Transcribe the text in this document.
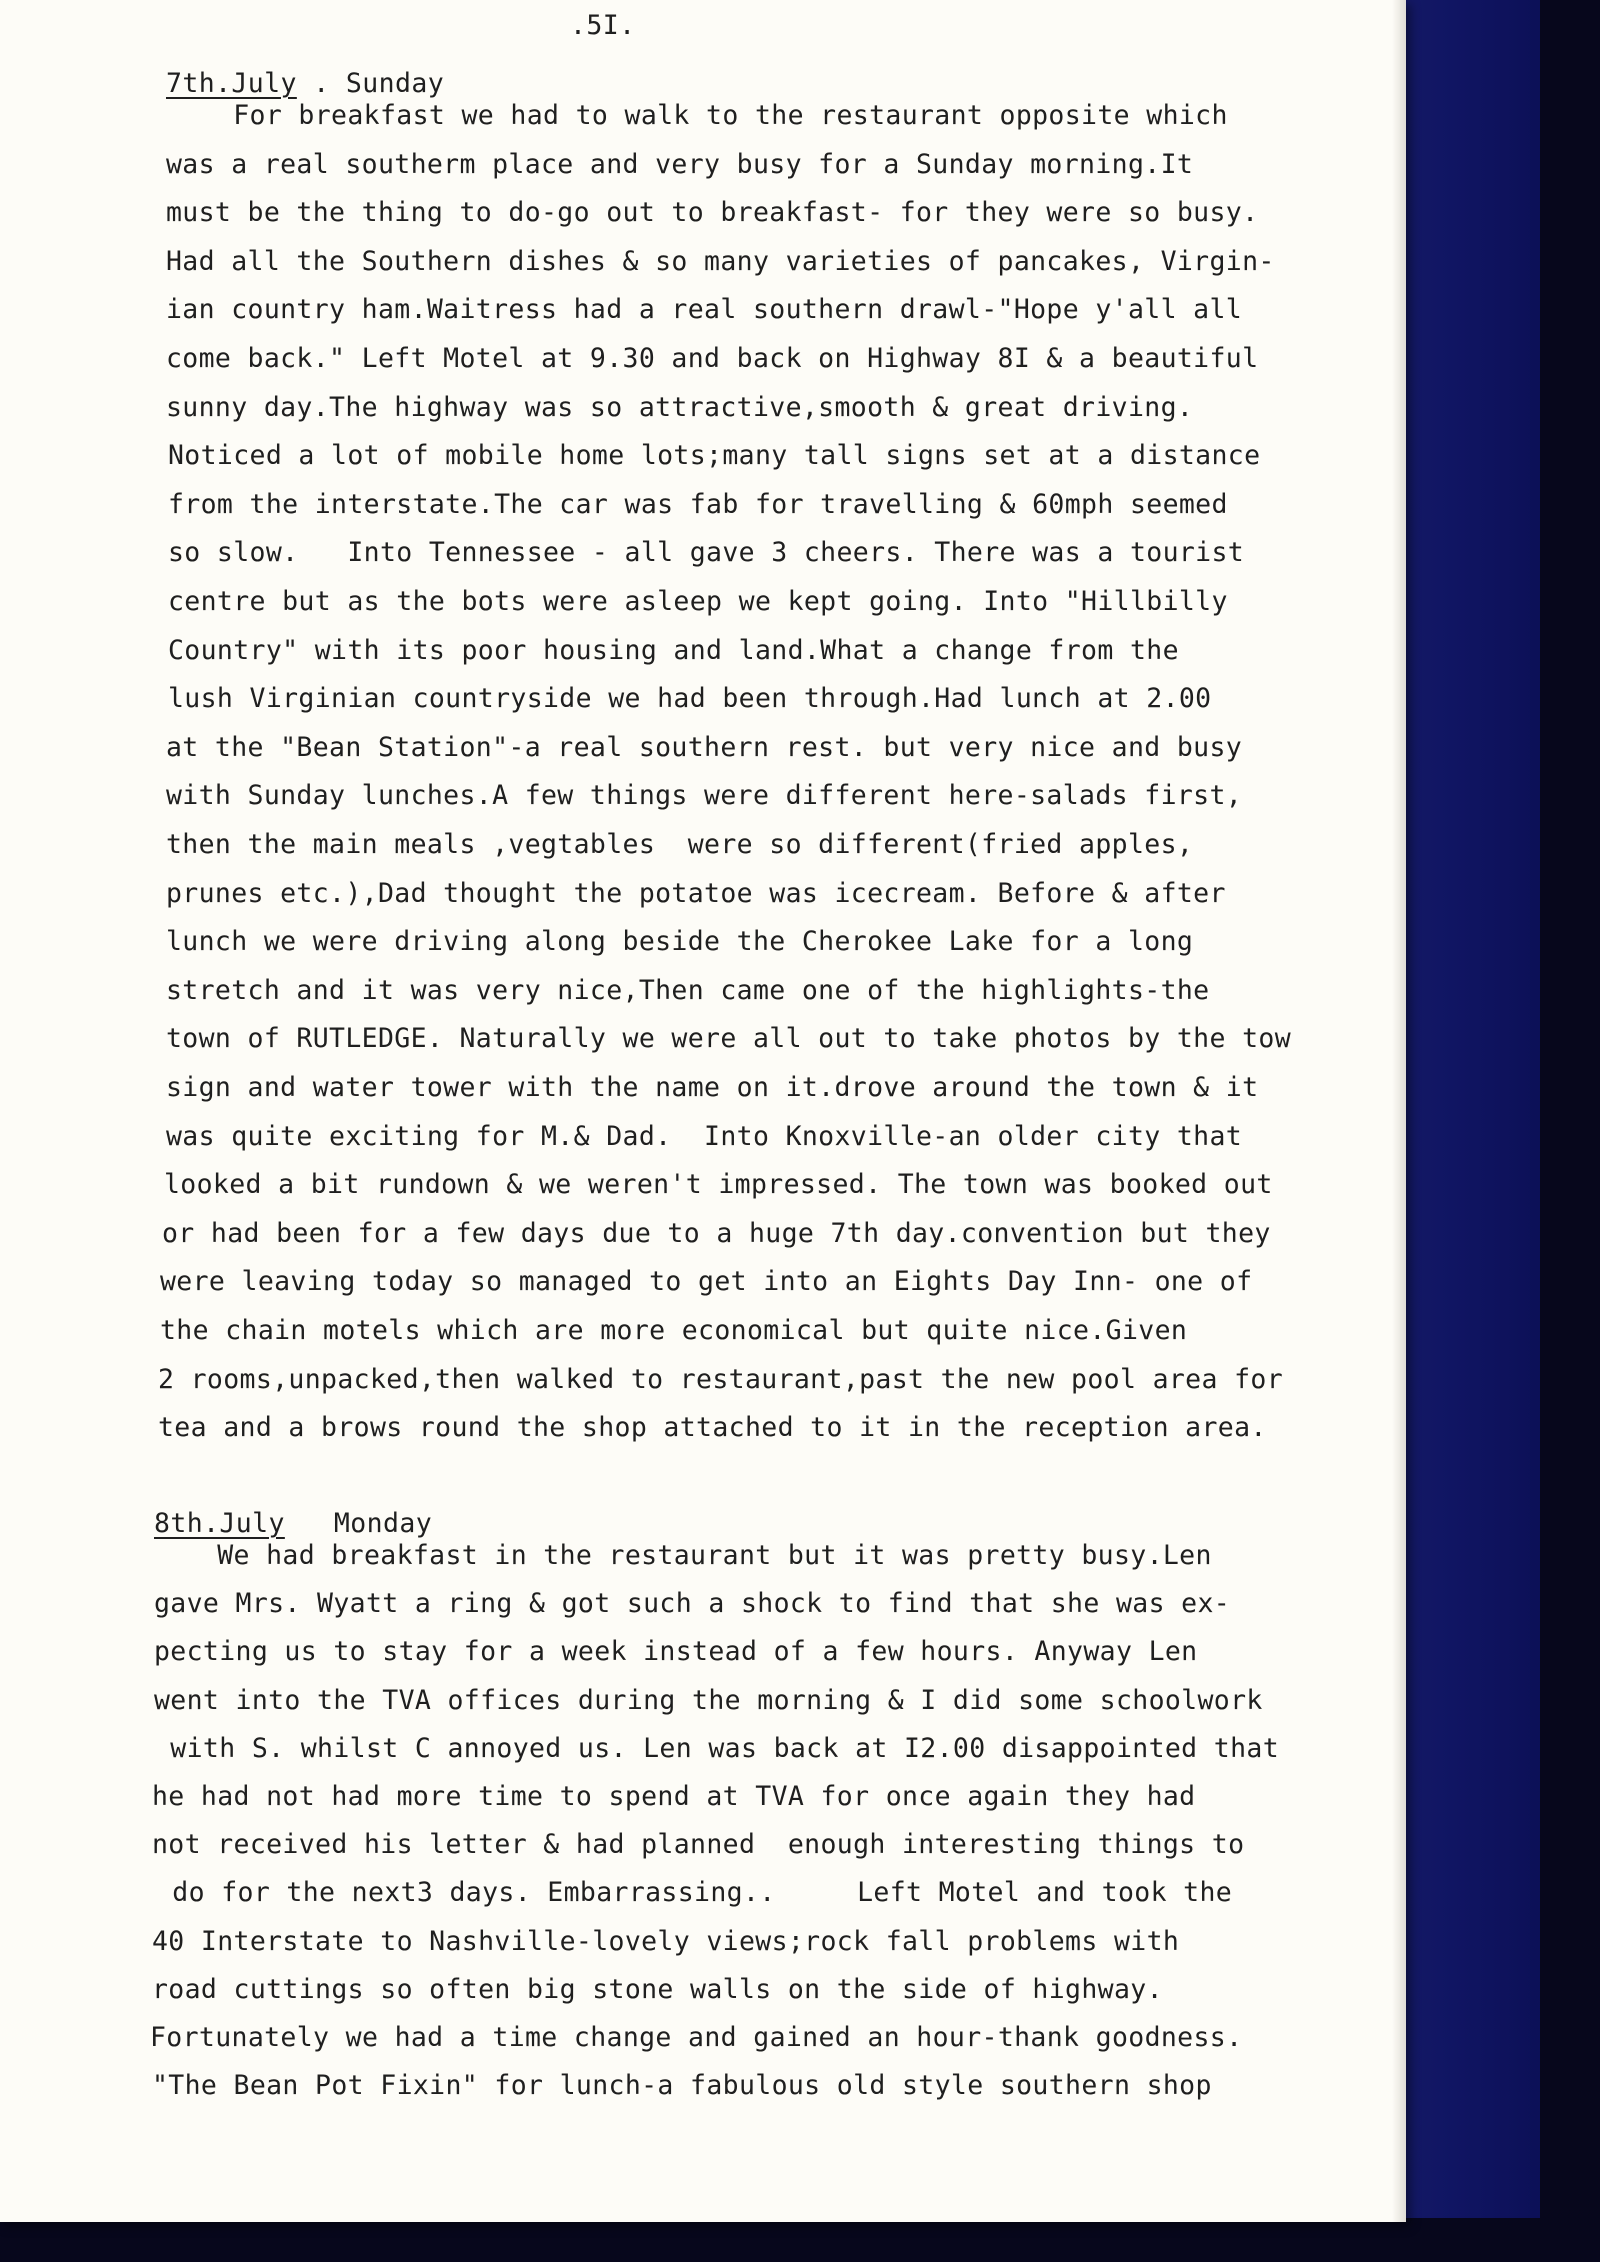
.5I.

7th.July . Sunday

For breakfast we had to walk to the restaurant opposite which
was a real southerm place and very busy for a Sunday morning.It
must be the thing to do-go out to breakfast- for they were so busy.
Had all the Southern dishes & so many varieties of pancakes, Virgin-
ian country ham.Waitress had a real southern drawl-"Hope y'all all
come back." Left Motel at 9.30 and back on Highway 8I & a beautiful
sunny day.The highway was so attractive,smooth & great driving.
Noticed a lot of mobile home lots;many tall signs set at a distance
from the interstate.The car was fab for travelling & 60mph seemed
so slow.   Into Tennessee - all gave 3 cheers. There was a tourist
centre but as the bots were asleep we kept going. Into "Hillbilly
Country" with its poor housing and land.What a change from the
lush Virginian countryside we had been through.Had lunch at 2.00
at the "Bean Station"-a real southern rest. but very nice and busy
with Sunday lunches.A few things were different here-salads first,
then the main meals ,vegtables  were so different(fried apples,
prunes etc.),Dad thought the potatoe was icecream. Before & after
lunch we were driving along beside the Cherokee Lake for a long
stretch and it was very nice,Then came one of the highlights-the
town of RUTLEDGE. Naturally we were all out to take photos by the tow
sign and water tower with the name on it.drove around the town & it
was quite exciting for M.& Dad.  Into Knoxville-an older city that
looked a bit rundown & we weren't impressed. The town was booked out
or had been for a few days due to a huge 7th day.convention but they
were leaving today so managed to get into an Eights Day Inn- one of
the chain motels which are more economical but quite nice.Given
2 rooms,unpacked,then walked to restaurant,past the new pool area for
tea and a brows round the shop attached to it in the reception area.

8th.July Monday

We had breakfast in the restaurant but it was pretty busy.Len
gave Mrs. Wyatt a ring & got such a shock to find that she was ex-
pecting us to stay for a week instead of a few hours. Anyway Len
went into the TVA offices during the morning & I did some schoolwork
with S. whilst C annoyed us. Len was back at I2.00 disappointed that
he had not had more time to spend at TVA for once again they had
not received his letter & had planned  enough interesting things to
do for the next3 days. Embarrassing..     Left Motel and took the
40 Interstate to Nashville-lovely views;rock fall problems with
road cuttings so often big stone walls on the side of highway.
Fortunately we had a time change and gained an hour-thank goodness.
"The Bean Pot Fixin" for lunch-a fabulous old style southern shop
